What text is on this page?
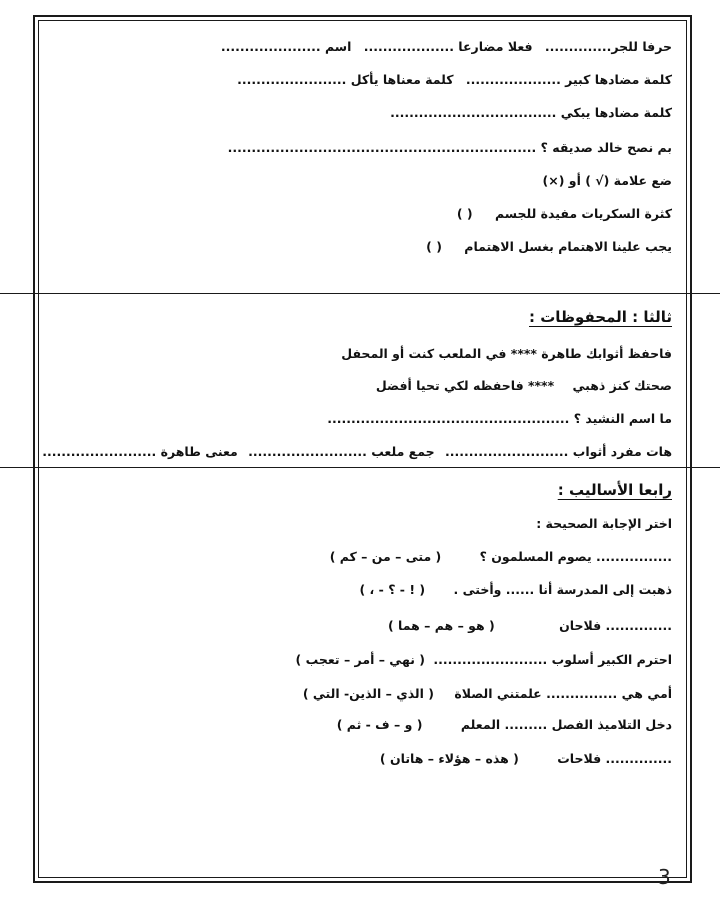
حرفا للجر.............. فعلا مضارعا ................... اسم .....................
كلمة مضادها كبير .................... كلمة معناها يأكل .......................
كلمة مضادها يبكي ...................................
بم نصح خالد صديقه ؟ .................................................................
ضع علامة (√ ) أو (×)
كثرة السكريات مفيدة للجسم ( )
يجب علينا الاهتمام بغسل الاهتمام ( )
ثالثا : المحفوظات :
فاحفظ أثوابك طاهرة **** في الملعب كنت أو المحفل
صحتك كنز ذهبي **** فاحفظه لكي تحيا أفضل
ما اسم النشيد ؟ ...................................................
هات مفرد أثواب .......................... جمع ملعب ......................... معنى طاهرة ........................
رابعا الأساليب :
اختر الإجابة الصحيحة :
................ يصوم المسلمون ؟ ( متى – من – كم )
ذهبت إلى المدرسة أنا ...... وأختى . ( ! - ؟ - ، )
.............. فلاحان ( هو – هم – هما )
احترم الكبير أسلوب ........................ ( نهي – أمر – تعجب )
أمي هي ............... علمتني الصلاة ( الذي – الذين- التي )
دخل التلاميذ الفصل ......... المعلم ( و – ف - ثم )
.............. فلاحات ( هذه – هؤلاء – هاتان )
3
